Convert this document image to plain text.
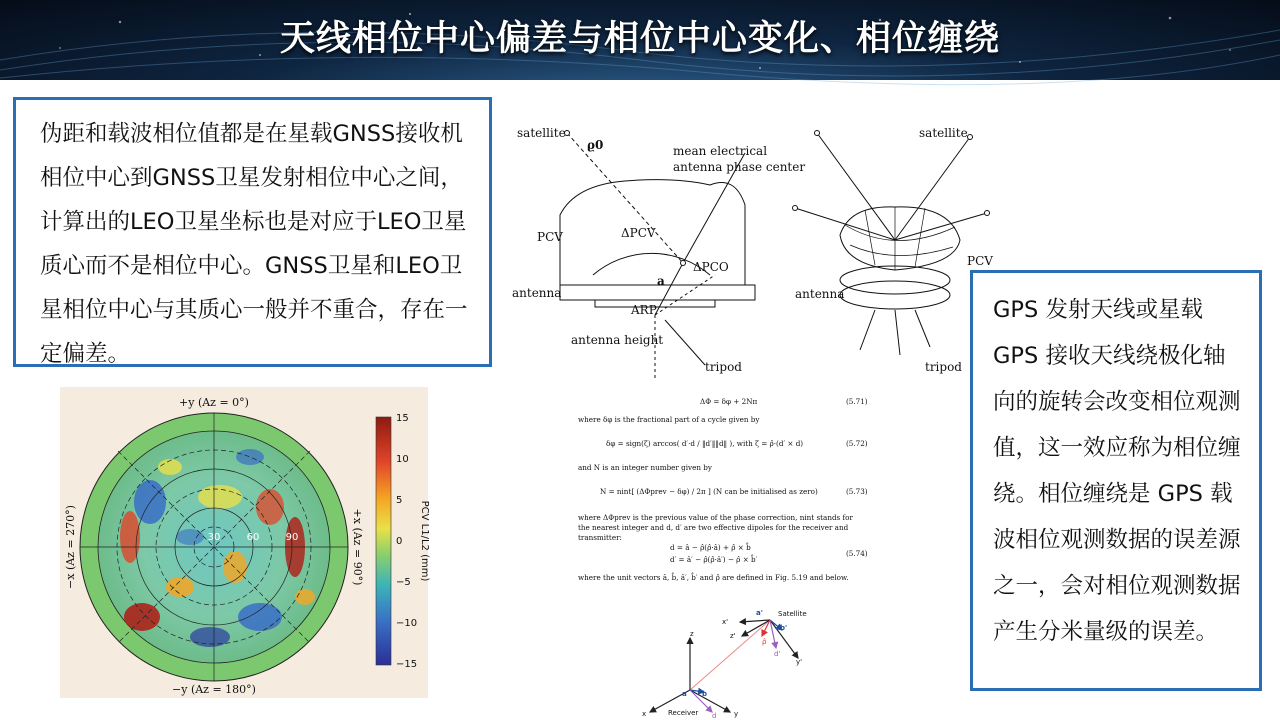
天线相位中心偏差与相位中心变化、相位缠绕
伪距和载波相位值都是在星载GNSS接收机相位中心到GNSS卫星发射相位中心之间，计算出的LEO卫星坐标也是对应于LEO卫星质心而不是相位中心。GNSS卫星和LEO卫星相位中心与其质心一般并不重合，存在一定偏差。
GPS 发射天线或星载 GPS 接收天线绕极化轴向的旋转会改变相位观测值，这一效应称为相位缠绕。相位缠绕是 GPS 载波相位观测数据的误差源之一，会对相位观测数据产生分米量级的误差。
30	60	90
+y (Az = 0°)
−y (Az = 180°)
−x (Az = 270°)	+x (Az = 90°)
15
10
5
0
−5
−10
−15
PCV L1/L2 (mm)
satellite
ϱ0	mean electrical
antenna phase center
PCV	ΔPCV
ΔPCO
a
antenna
ARP
antenna height
tripod
satellite
antenna
tripod
PCV
ΔΦ = δφ + 2Nπ	(5.71)
where δφ is the fractional part of a cycle given by
δφ = sign(ζ) arccos( d′·d / ‖d′‖‖d‖ ), with ζ = ρ̂·(d′ × d)	(5.72)
and N is an integer number given by
N = nint[ (ΔΦprev − δφ) / 2π ] (N can be initialised as zero)	(5.73)
where ΔΦprev is the previous value of the phase correction, nint stands for
the nearest integer and d, d′ are two effective dipoles for the receiver and
transmitter:
d = â − ρ̂(ρ̂·â) + ρ̂ × b̂
d′ = â′ − ρ̂(ρ̂·â′) − ρ̂ × b̂′
(5.74)
where the unit vectors â, b̂, â′, b̂′ and ρ̂ are defined in Fig. 5.19 and below.
Satellite
Receiver
a'
b'
x'
y'
z'
d'
ρ̂
z
a b
x	y
d
